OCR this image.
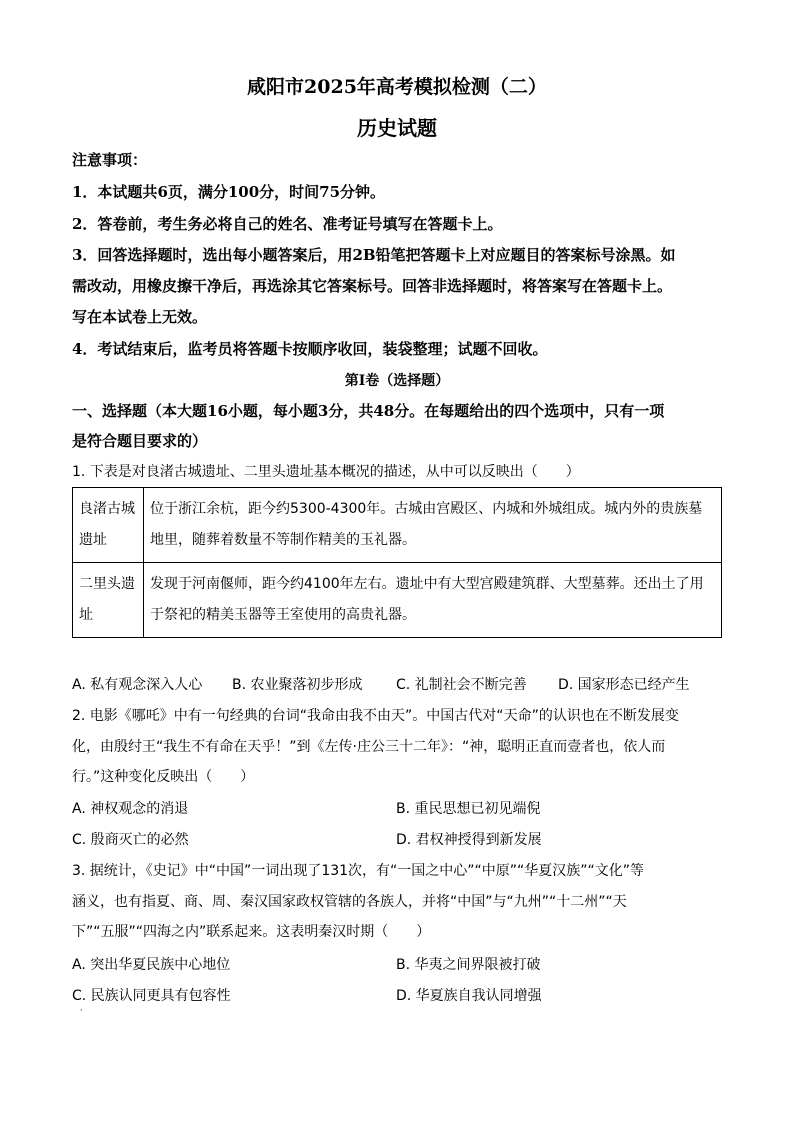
咸阳市2025年高考模拟检测（二）
历史试题
注意事项：
1．本试题共6页，满分100分，时间75分钟。
2．答卷前，考生务必将自己的姓名、准考证号填写在答题卡上。
3．回答选择题时，选出每小题答案后，用2B铅笔把答题卡上对应题目的答案标号涂黑。如
需改动，用橡皮擦干净后，再选涂其它答案标号。回答非选择题时，将答案写在答题卡上。
写在本试卷上无效。
4．考试结束后，监考员将答题卡按顺序收回，装袋整理；试题不回收。
第Ⅰ卷（选择题）
一、选择题（本大题16小题，每小题3分，共48分。在每题给出的四个选项中，只有一项
是符合题目要求的）
1. 下表是对良渚古城遗址、二里头遗址基本概况的描述，从中可以反映出（　　）
良渚古城遗址	位于浙江余杭，距今约5300-4300年。古城由宫殿区、内城和外城组成。城内外的贵族墓地里，随葬着数量不等制作精美的玉礼器。
二里头遗址	发现于河南偃师，距今约4100年左右。遗址中有大型宫殿建筑群、大型墓葬。还出土了用于祭祀的精美玉器等王室使用的高贵礼器。
A. 私有观念深入人心 B. 农业聚落初步形成 C. 礼制社会不断完善 D. 国家形态已经产生
2. 电影《哪吒》中有一句经典的台词“我命由我不由天”。中国古代对“天命”的认识也在不断发展变
化，由殷纣王“我生不有命在天乎！”到《左传·庄公三十二年》：“神，聪明正直而壹者也，依人而
行。”这种变化反映出（　　）
A. 神权观念的消退	B. 重民思想已初见端倪
C. 殷商灭亡的必然	D. 君权神授得到新发展
3. 据统计，《史记》中“中国”一词出现了131次，有“一国之中心”“中原”“华夏汉族”“文化”等
涵义，也有指夏、商、周、秦汉国家政权管辖的各族人，并将“中国”与“九州”“十二州”“天
下”“五服”“四海之内”联系起来。这表明秦汉时期（　　）
A. 突出华夏民族中心地位	B. 华夷之间界限被打破
C. 民族认同更具有包容性	D. 华夏族自我认同增强
·
